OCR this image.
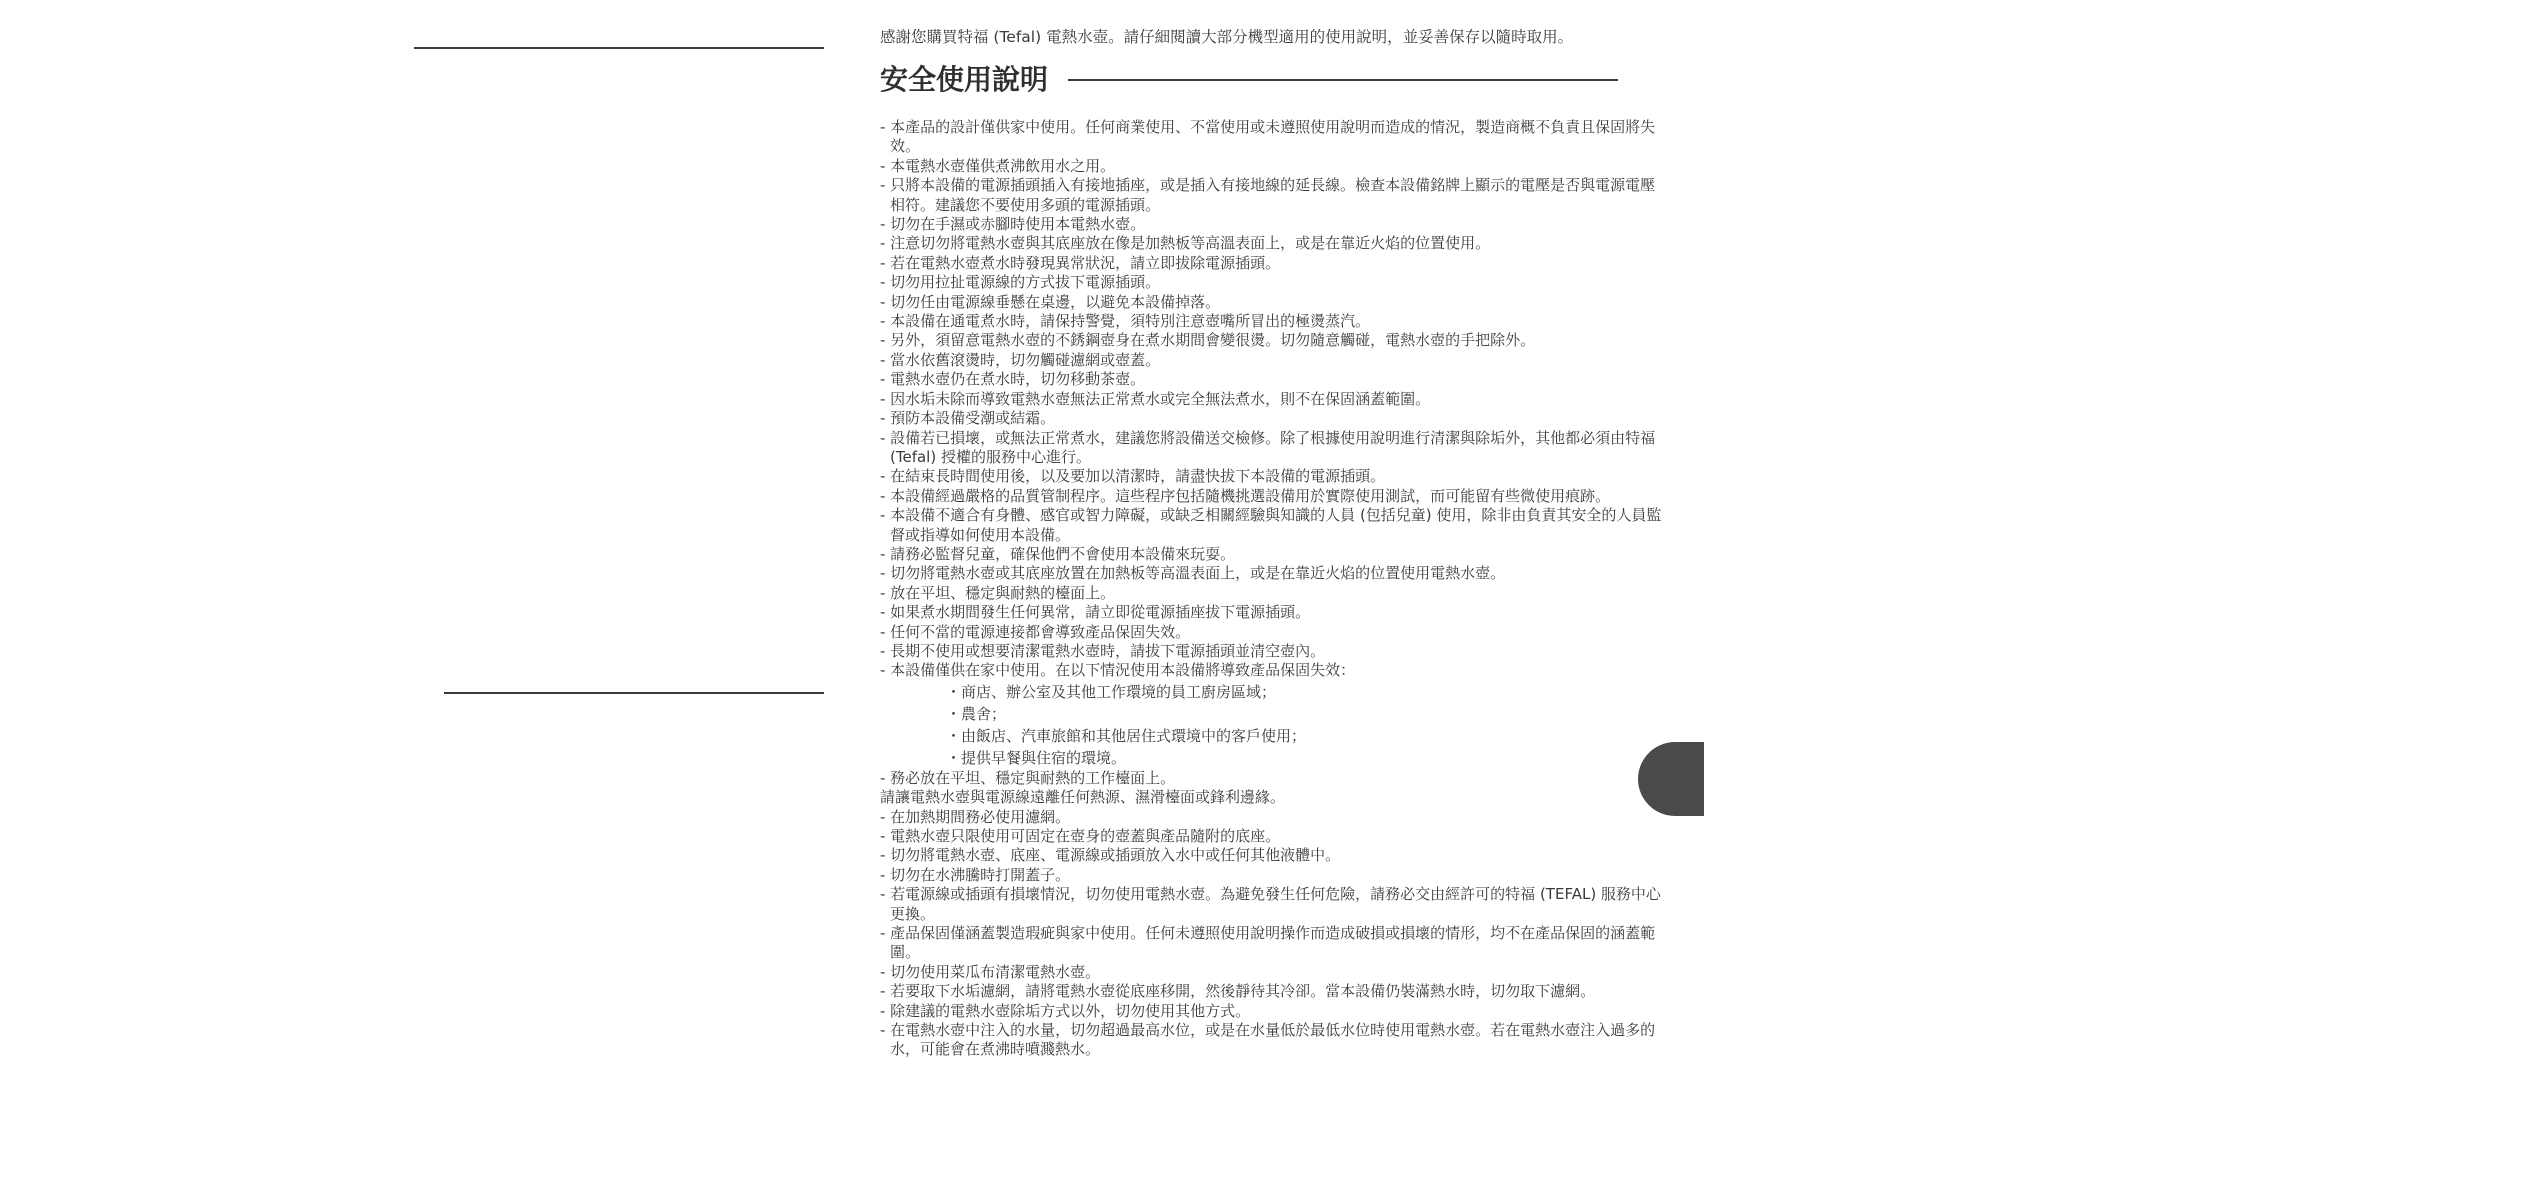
感謝您購買特福 (Tefal) 電熱水壺。請仔細閱讀大部分機型適用的使用說明，並妥善保存以隨時取用。

安全使用說明
- 本產品的設計僅供家中使用。任何商業使用、不當使用或未遵照使用說明而造成的情況，製造商概不負責且保固將失效。
- 本電熱水壺僅供煮沸飲用水之用。
- 只將本設備的電源插頭插入有接地插座，或是插入有接地線的延長線。檢查本設備銘牌上顯示的電壓是否與電源電壓相符。建議您不要使用多頭的電源插頭。
- 切勿在手濕或赤腳時使用本電熱水壺。
- 注意切勿將電熱水壺與其底座放在像是加熱板等高溫表面上，或是在靠近火焰的位置使用。
- 若在電熱水壺煮水時發現異常狀況，請立即拔除電源插頭。
- 切勿用拉扯電源線的方式拔下電源插頭。
- 切勿任由電源線垂懸在桌邊，以避免本設備掉落。
- 本設備在通電煮水時，請保持警覺，須特別注意壺嘴所冒出的極燙蒸汽。
- 另外，須留意電熱水壺的不銹鋼壺身在煮水期間會變很燙。切勿隨意觸碰，電熱水壺的手把除外。
- 當水依舊滾燙時，切勿觸碰濾網或壺蓋。
- 電熱水壺仍在煮水時，切勿移動茶壺。
- 因水垢未除而導致電熱水壺無法正常煮水或完全無法煮水，則不在保固涵蓋範圍。
- 預防本設備受潮或結霜。
- 設備若已損壞，或無法正常煮水，建議您將設備送交檢修。除了根據使用說明進行清潔與除垢外，其他都必須由特福 (Tefal) 授權的服務中心進行。
- 在結束長時間使用後，以及要加以清潔時，請盡快拔下本設備的電源插頭。
- 本設備經過嚴格的品質管制程序。這些程序包括隨機挑選設備用於實際使用測試，而可能留有些微使用痕跡。
- 本設備不適合有身體、感官或智力障礙，或缺乏相關經驗與知識的人員 (包括兒童) 使用，除非由負責其安全的人員監督或指導如何使用本設備。
- 請務必監督兒童，確保他們不會使用本設備來玩耍。
- 切勿將電熱水壺或其底座放置在加熱板等高溫表面上，或是在靠近火焰的位置使用電熱水壺。
- 放在平坦、穩定與耐熱的檯面上。
- 如果煮水期間發生任何異常，請立即從電源插座拔下電源插頭。
- 任何不當的電源連接都會導致產品保固失效。
- 長期不使用或想要清潔電熱水壺時，請拔下電源插頭並清空壺內。
- 本設備僅供在家中使用。在以下情況使用本設備將導致產品保固失效：
・商店、辦公室及其他工作環境的員工廚房區域；
・農舍；
・由飯店、汽車旅館和其他居住式環境中的客戶使用；
・提供早餐與住宿的環境。
- 務必放在平坦、穩定與耐熱的工作檯面上。
請讓電熱水壺與電源線遠離任何熱源、濕滑檯面或鋒利邊緣。
- 在加熱期間務必使用濾網。
- 電熱水壺只限使用可固定在壺身的壺蓋與產品隨附的底座。
- 切勿將電熱水壺、底座、電源線或插頭放入水中或任何其他液體中。
- 切勿在水沸騰時打開蓋子。
- 若電源線或插頭有損壞情況，切勿使用電熱水壺。為避免發生任何危險，請務必交由經許可的特福 (TEFAL) 服務中心更換。
- 產品保固僅涵蓋製造瑕疵與家中使用。任何未遵照使用說明操作而造成破損或損壞的情形，均不在產品保固的涵蓋範圍。
- 切勿使用菜瓜布清潔電熱水壺。
- 若要取下水垢濾網，請將電熱水壺從底座移開，然後靜待其冷卻。當本設備仍裝滿熱水時，切勿取下濾網。
- 除建議的電熱水壺除垢方式以外，切勿使用其他方式。
- 在電熱水壺中注入的水量，切勿超過最高水位，或是在水量低於最低水位時使用電熱水壺。若在電熱水壺注入過多的水，可能會在煮沸時噴濺熱水。
